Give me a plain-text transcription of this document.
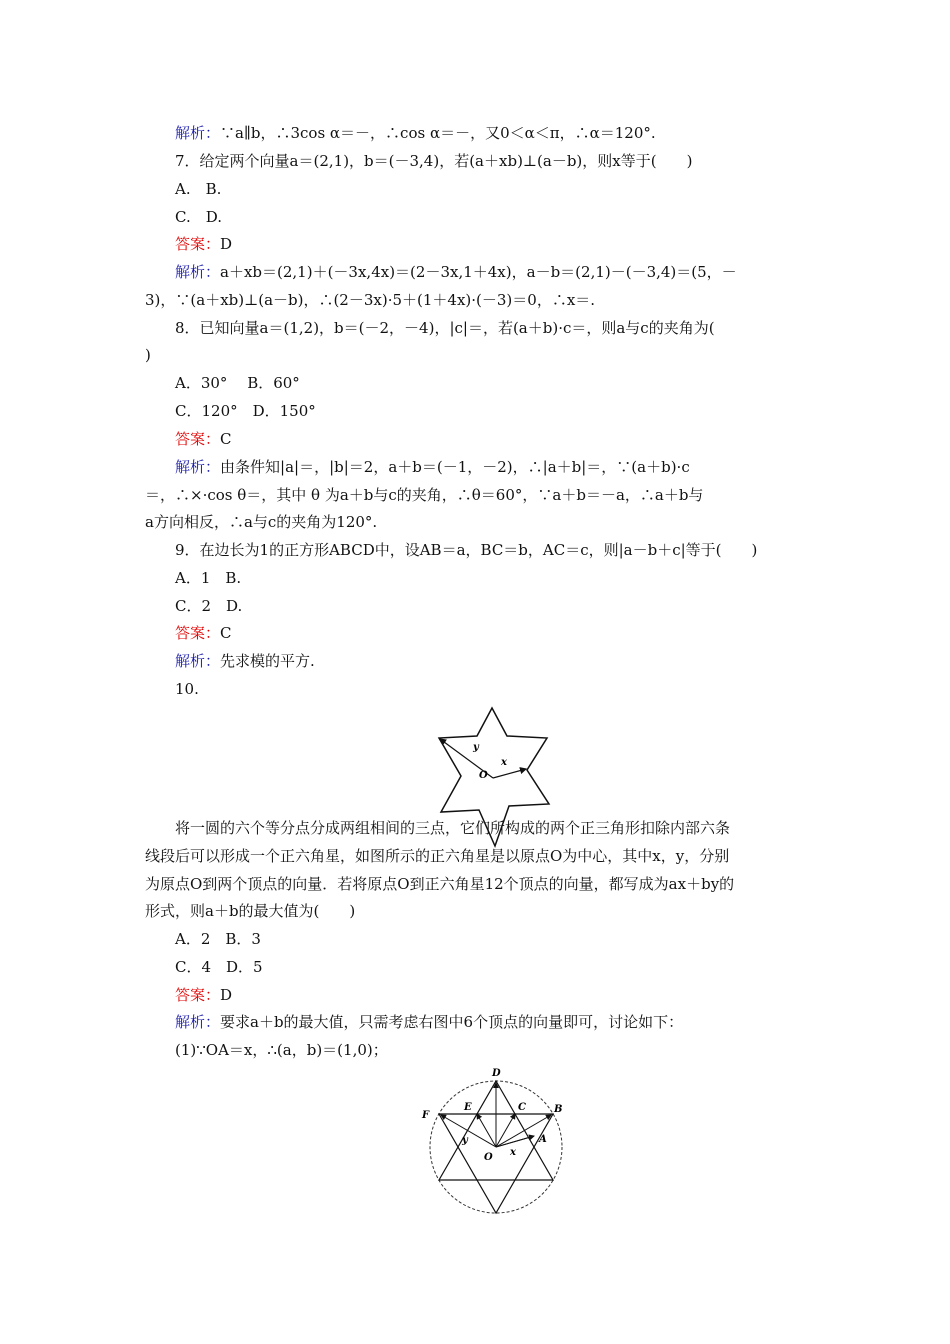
解析：∵a∥b，∴3cos α＝－，∴cos α＝－，又0＜α＜π，∴α＝120°.
7．给定两个向量a＝(2,1)，b＝(－3,4)，若(a＋xb)⊥(a－b)，则x等于(　　)
A.　B.
C.　D.
答案：D
解析：a＋xb＝(2,1)＋(－3x,4x)＝(2－3x,1＋4x)，a－b＝(2,1)－(－3,4)＝(5，－
3)，∵(a＋xb)⊥(a－b)，∴(2－3x)·5＋(1＋4x)·(－3)＝0，∴x＝.
8．已知向量a＝(1,2)，b＝(－2，－4)，|c|＝，若(a＋b)·c＝，则a与c的夹角为(
)
A．30°　 B．60°
C．120°　D．150°
答案：C
解析：由条件知|a|＝，|b|＝2，a＋b＝(－1，－2)，∴|a＋b|＝，∵(a＋b)·c
＝，∴×·cos θ＝，其中 θ 为a＋b与c的夹角，∴θ＝60°，∵a＋b＝－a，∴a＋b与
a方向相反，∴a与c的夹角为120°.
9．在边长为1的正方形ABCD中，设AB＝a，BC＝b，AC＝c，则|a－b＋c|等于(　　)
A．1　B.
C．2　D.
答案：C
解析：先求模的平方.
10.
y
x
O
将一圆的六个等分点分成两组相间的三点，它们所构成的两个正三角形扣除内部六条
线段后可以形成一个正六角星，如图所示的正六角星是以原点O为中心，其中x，y，分别
为原点O到两个顶点的向量．若将原点O到正六角星12个顶点的向量，都写成为ax＋by的
形式，则a＋b的最大值为(　　)
A．2　B．3
C．4　D．5
答案：D
解析：要求a＋b的最大值，只需考虑右图中6个顶点的向量即可，讨论如下：
(1)∵OA＝x，∴(a，b)＝(1,0)；
D
E	C	B
F
A
y
O x
